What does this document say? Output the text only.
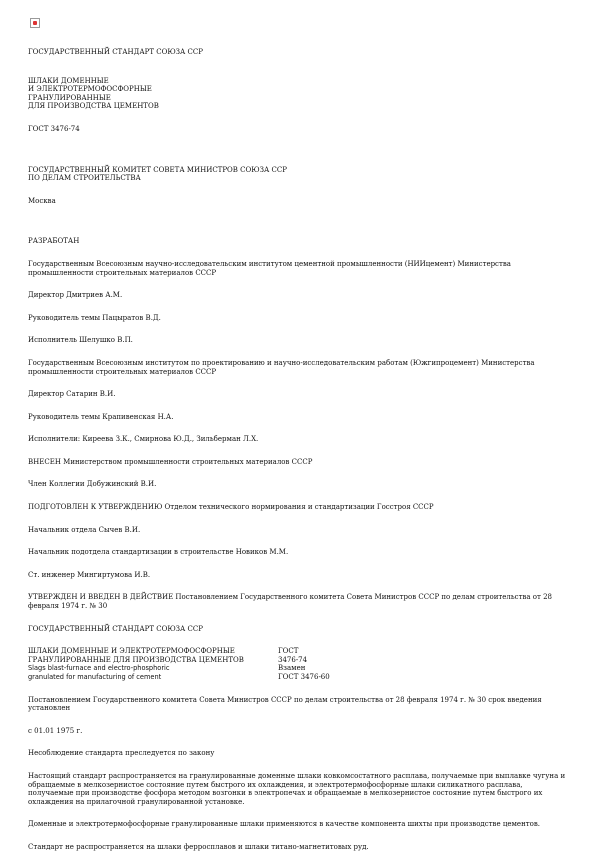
ГОСУДАРСТВЕННЫЙ СТАНДАРТ СОЮЗА ССР

ШЛАКИ ДОМЕННЫЕ

И ЭЛЕКТРОТЕРМОФОСФОРНЫЕ

ГРАНУЛИРОВАННЫЕ

ДЛЯ ПРОИЗВОДСТВА ЦЕМЕНТОВ

ГОСТ 3476-74

ГОСУДАРСТВЕННЫЙ КОМИТЕТ СОВЕТА МИНИСТРОВ СОЮЗА ССР

ПО ДЕЛАМ СТРОИТЕЛЬСТВА

Москва

РАЗРАБОТАН

Государственным Всесоюзным научно-исследовательским институтом цементной промышленности (НИИцемент) Министерства промышленности строительных материалов СССР

Директор Дмитриев А.М.

Руководитель темы Пацыратов В.Д.

Исполнитель Шелушко В.П.

Государственным Всесоюзным институтом по проектированию и научно-исследовательским работам (Южгипроцемент) Министерства промышленности строительных материалов СССР

Директор Сатарин В.И.

Руководитель темы Крапивенская Н.А.

Исполнители: Киреева З.К., Смирнова Ю.Д., Зильберман Л.Х.

ВНЕСЕН Министерством промышленности строительных материалов СССР

Член Коллегии Добужинский В.И.

ПОДГОТОВЛЕН К УТВЕРЖДЕНИЮ Отделом технического нормирования и стандартизации Госстроя СССР

Начальник отдела Сычев В.И.

Начальник подотдела стандартизации в строительстве Новиков М.М.

Ст. инженер Мингиртумова И.В.

УТВЕРЖДЕН И ВВЕДЕН В ДЕЙСТВИЕ Постановлением Государственного комитета Совета Министров СССР по делам строительства от 28 февраля 1974 г. № 30

ГОСУДАРСТВЕННЫЙ СТАНДАРТ СОЮЗА ССР

ШЛАКИ ДОМЕННЫЕ И ЭЛЕКТРОТЕРМОФОСФОРНЫЕ	ГОСТ

ГРАНУЛИРОВАННЫЕ ДЛЯ ПРОИЗВОДСТВА ЦЕМЕНТОВ	3476-74

Slags blast-furnace and electro-phosphoric	Взамен

granulated for manufacturing of cement	ГОСТ 3476-60

Постановлением Государственного комитета Совета Министров СССР по делам строительства от 28 февраля 1974 г. № 30 срок введения установлен

с 01.01 1975 г.

Несоблюдение стандарта преследуется по закону

Настоящий стандарт распространяется на гранулированные доменные шлаки ковкомсостатного расплава, получаемые при выплавке чугуна и обращаемые в мелкозернистое состояние путем быстрого их охлаждения, и электротермофосфорные шлаки силикатного расплава, получаемые при производстве фосфора методом возгонки в электропечах и обращаемые в мелкозернистое состояние путем быстрого их охлаждения на прилагочной гранулированной установке.

Доменные и электротермофосфорные гранулированные шлаки применяются в качестве компонента шихты при производстве цементов.

Стандарт не распространяется на шлаки ферросплавов и шлаки титано-магнетитовых руд.
